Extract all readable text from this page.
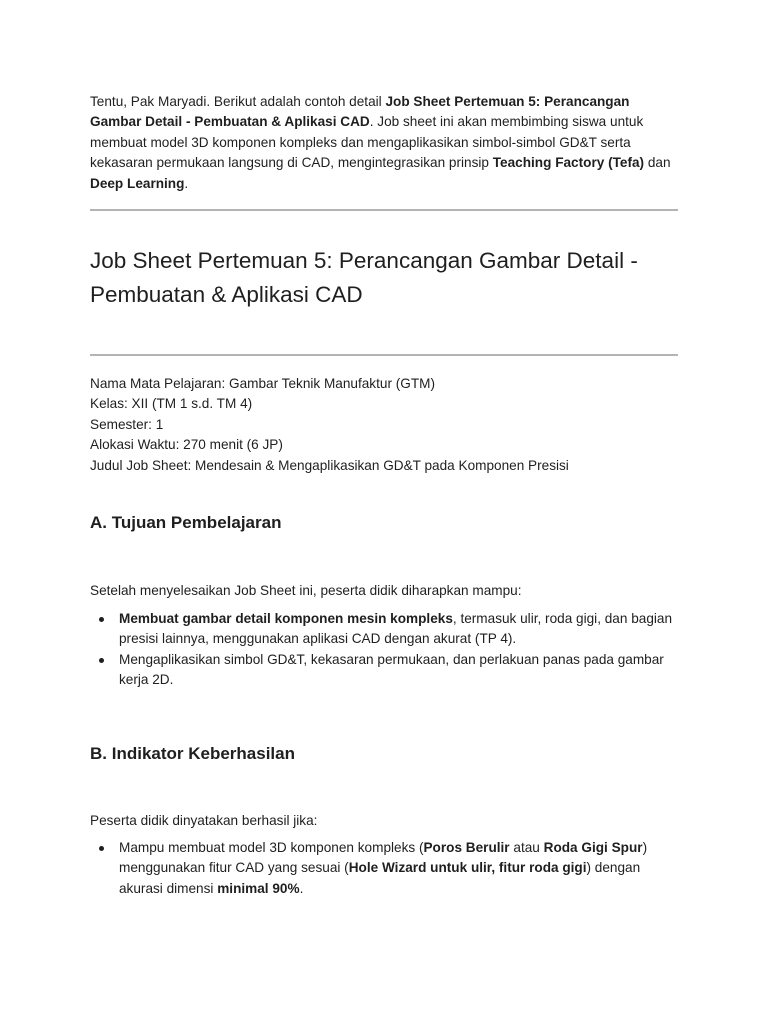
Tentu, Pak Maryadi. Berikut adalah contoh detail Job Sheet Pertemuan 5: Perancangan Gambar Detail - Pembuatan & Aplikasi CAD. Job sheet ini akan membimbing siswa untuk membuat model 3D komponen kompleks dan mengaplikasikan simbol-simbol GD&T serta kekasaran permukaan langsung di CAD, mengintegrasikan prinsip Teaching Factory (Tefa) dan Deep Learning.

Job Sheet Pertemuan 5: Perancangan Gambar Detail - Pembuatan & Aplikasi CAD
Nama Mata Pelajaran: Gambar Teknik Manufaktur (GTM)
Kelas: XII (TM 1 s.d. TM 4)
Semester: 1
Alokasi Waktu: 270 menit (6 JP)
Judul Job Sheet: Mendesain & Mengaplikasikan GD&T pada Komponen Presisi
A. Tujuan Pembelajaran

Setelah menyelesaikan Job Sheet ini, peserta didik diharapkan mampu:

Membuat gambar detail komponen mesin kompleks, termasuk ulir, roda gigi, dan bagian presisi lainnya, menggunakan aplikasi CAD dengan akurat (TP 4).
Mengaplikasikan simbol GD&T, kekasaran permukaan, dan perlakuan panas pada gambar kerja 2D.
B. Indikator Keberhasilan

Peserta didik dinyatakan berhasil jika:

Mampu membuat model 3D komponen kompleks (Poros Berulir atau Roda Gigi Spur) menggunakan fitur CAD yang sesuai (Hole Wizard untuk ulir, fitur roda gigi) dengan akurasi dimensi minimal 90%.
